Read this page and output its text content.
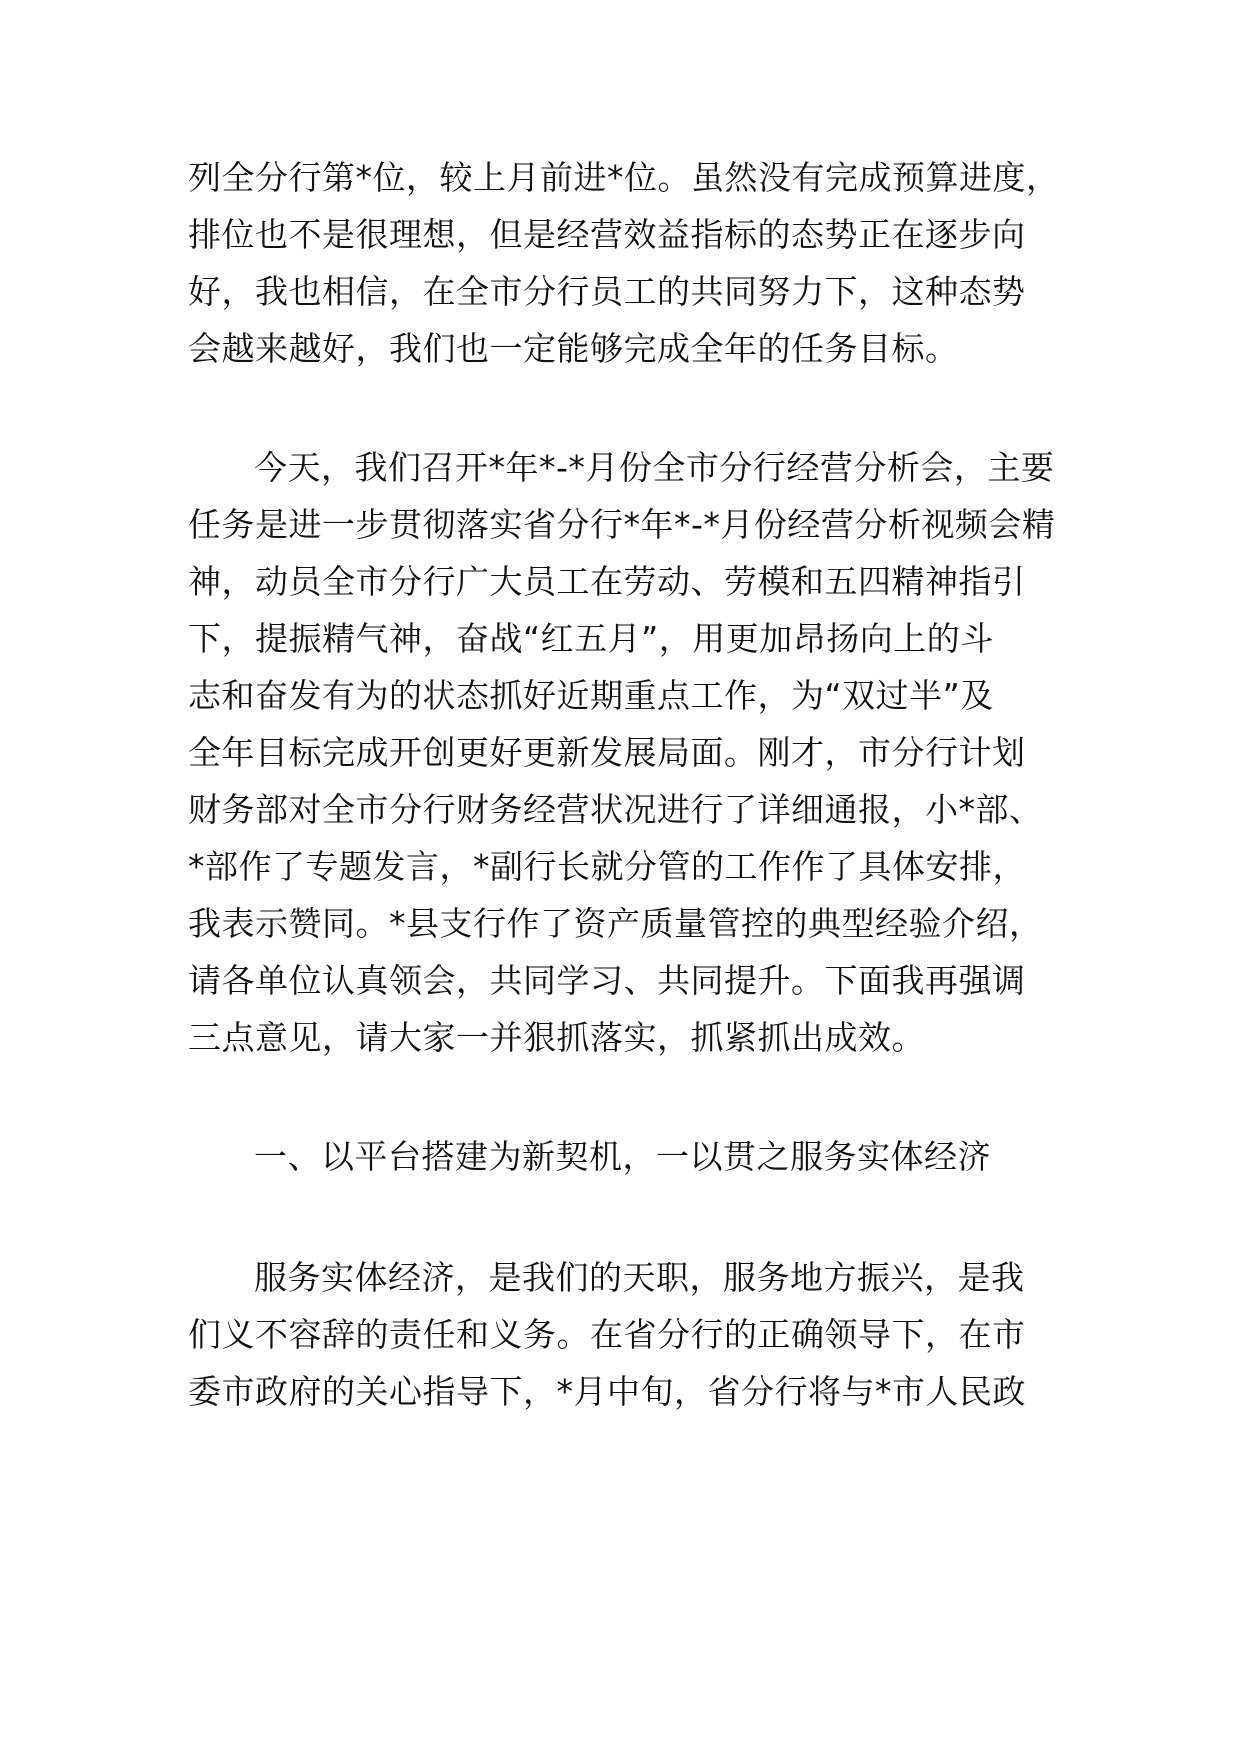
列全分行第*位，较上月前进*位。虽然没有完成预算进度，

排位也不是很理想，但是经营效益指标的态势正在逐步向

好，我也相信，在全市分行员工的共同努力下，这种态势

会越来越好，我们也一定能够完成全年的任务目标。

今天，我们召开*年*-*月份全市分行经营分析会，主要

任务是进一步贯彻落实省分行*年*-*月份经营分析视频会精

神，动员全市分行广大员工在劳动、劳模和五四精神指引

下，提振精气神，奋战“红五月”，用更加昂扬向上的斗

志和奋发有为的状态抓好近期重点工作，为“双过半”及

全年目标完成开创更好更新发展局面。刚才，市分行计划

财务部对全市分行财务经营状况进行了详细通报，小*部、

*部作了专题发言，*副行长就分管的工作作了具体安排，

我表示赞同。*县支行作了资产质量管控的典型经验介绍，

请各单位认真领会，共同学习、共同提升。下面我再强调

三点意见，请大家一并狠抓落实，抓紧抓出成效。

一、以平台搭建为新契机，一以贯之服务实体经济

服务实体经济，是我们的天职，服务地方振兴，是我

们义不容辞的责任和义务。在省分行的正确领导下，在市

委市政府的关心指导下，*月中旬，省分行将与*市人民政
